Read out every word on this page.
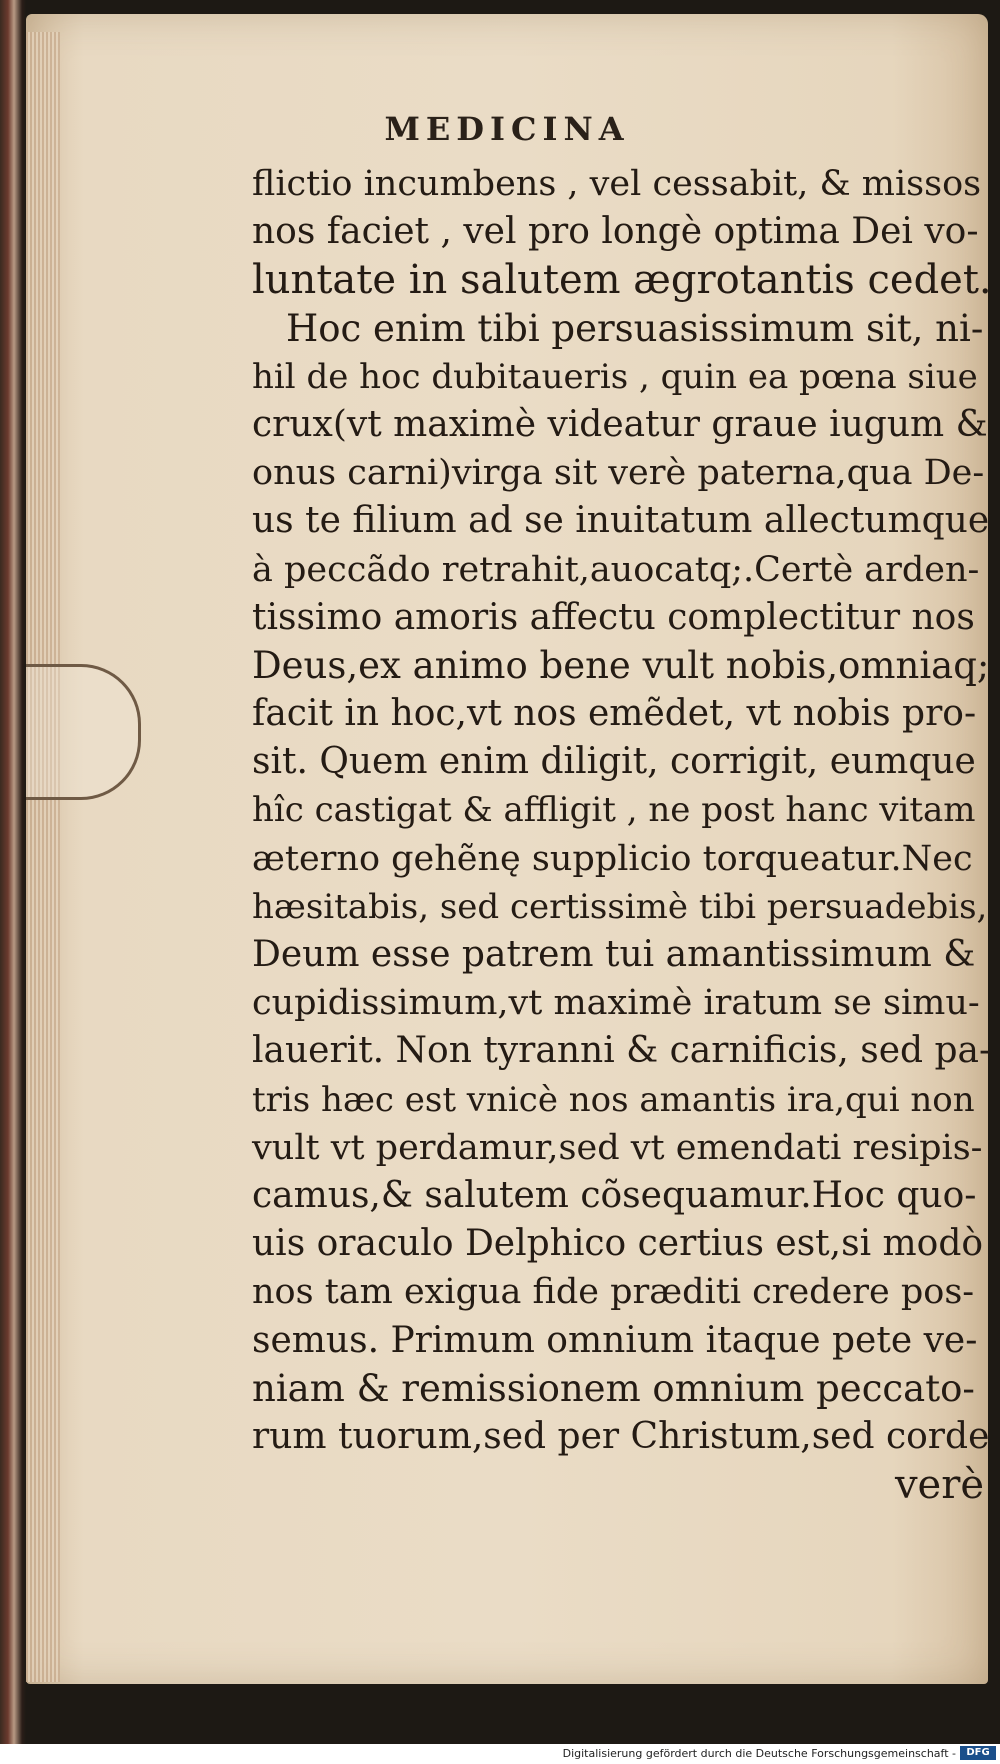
MEDICINA
flictio incumbens , vel cessabit, & missos
nos faciet , vel pro longè optima Dei vo-
luntate in salutem ægrotantis cedet.
Hoc enim tibi persuasissimum sit, ni-
hil de hoc dubitaueris , quin ea pœna siue
crux(vt maximè videatur graue iugum &
onus carni)virga sit verè paterna,qua De-
us te filium ad se inuitatum allectumque
à peccãdo retrahit,auocatq;.Certè arden-
tissimo amoris affectu complectitur nos
Deus,ex animo bene vult nobis,omniaq;
facit in hoc,vt nos emẽdet, vt nobis pro-
sit. Quem enim diligit, corrigit, eumque
hîc castigat & affligit , ne post hanc vitam
æterno gehẽnę supplicio torqueatur.Nec
hæsitabis, sed certissimè tibi persuadebis,
Deum esse patrem tui amantissimum &
cupidissimum,vt maximè iratum se simu-
lauerit. Non tyranni & carnificis, sed pa-
tris hæc est vnicè nos amantis ira,qui non
vult vt perdamur,sed vt emendati resipis-
camus,& salutem cõsequamur.Hoc quo-
uis oraculo Delphico certius est,si modò
nos tam exigua fide præditi credere pos-
semus. Primum omnium itaque pete ve-
niam & remissionem omnium peccato-
rum tuorum,sed per Christum,sed corde
verè
Digitalisierung gefördert durch die Deutsche Forschungsgemeinschaft -	DFG
